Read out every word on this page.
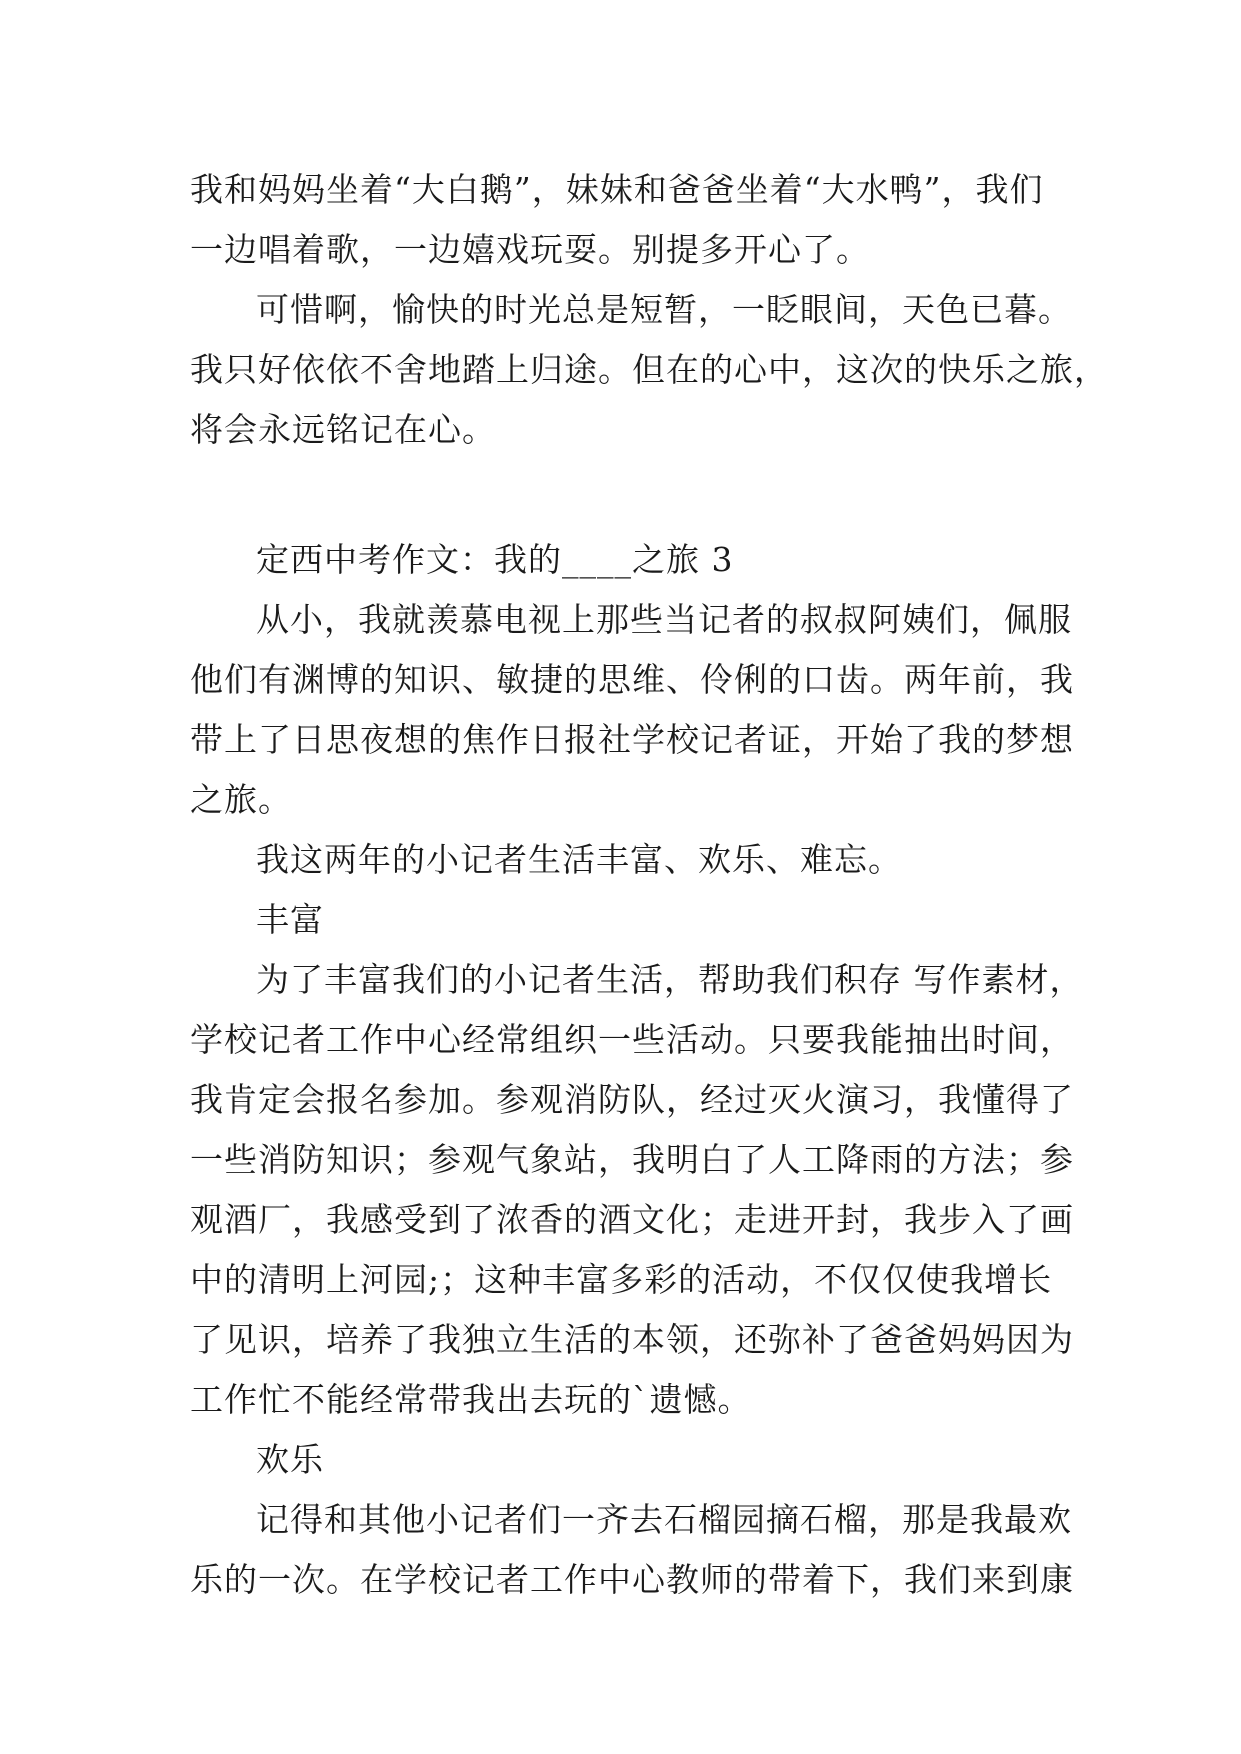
我和妈妈坐着“大白鹅”，妹妹和爸爸坐着“大水鸭”，我们
一边唱着歌，一边嬉戏玩耍。别提多开心了。
可惜啊，愉快的时光总是短暂，一眨眼间，天色已暮。
我只好依依不舍地踏上归途。但在的心中，这次的快乐之旅，
将会永远铭记在心。
定西中考作文：我的____之旅 3
从小，我就羡慕电视上那些当记者的叔叔阿姨们，佩服
他们有渊博的知识、敏捷的思维、伶俐的口齿。两年前，我
带上了日思夜想的焦作日报社学校记者证，开始了我的梦想
之旅。
我这两年的小记者生活丰富、欢乐、难忘。
丰富
为了丰富我们的小记者生活，帮助我们积存 写作素材，
学校记者工作中心经常组织一些活动。只要我能抽出时间，
我肯定会报名参加。参观消防队，经过灭火演习，我懂得了
一些消防知识；参观气象站，我明白了人工降雨的方法；参
观酒厂，我感受到了浓香的酒文化；走进开封，我步入了画
中的清明上河园;；这种丰富多彩的活动，不仅仅使我增长
了见识，培养了我独立生活的本领，还弥补了爸爸妈妈因为
工作忙不能经常带我出去玩的`遗憾。
欢乐
记得和其他小记者们一齐去石榴园摘石榴，那是我最欢
乐的一次。在学校记者工作中心教师的带着下，我们来到康
